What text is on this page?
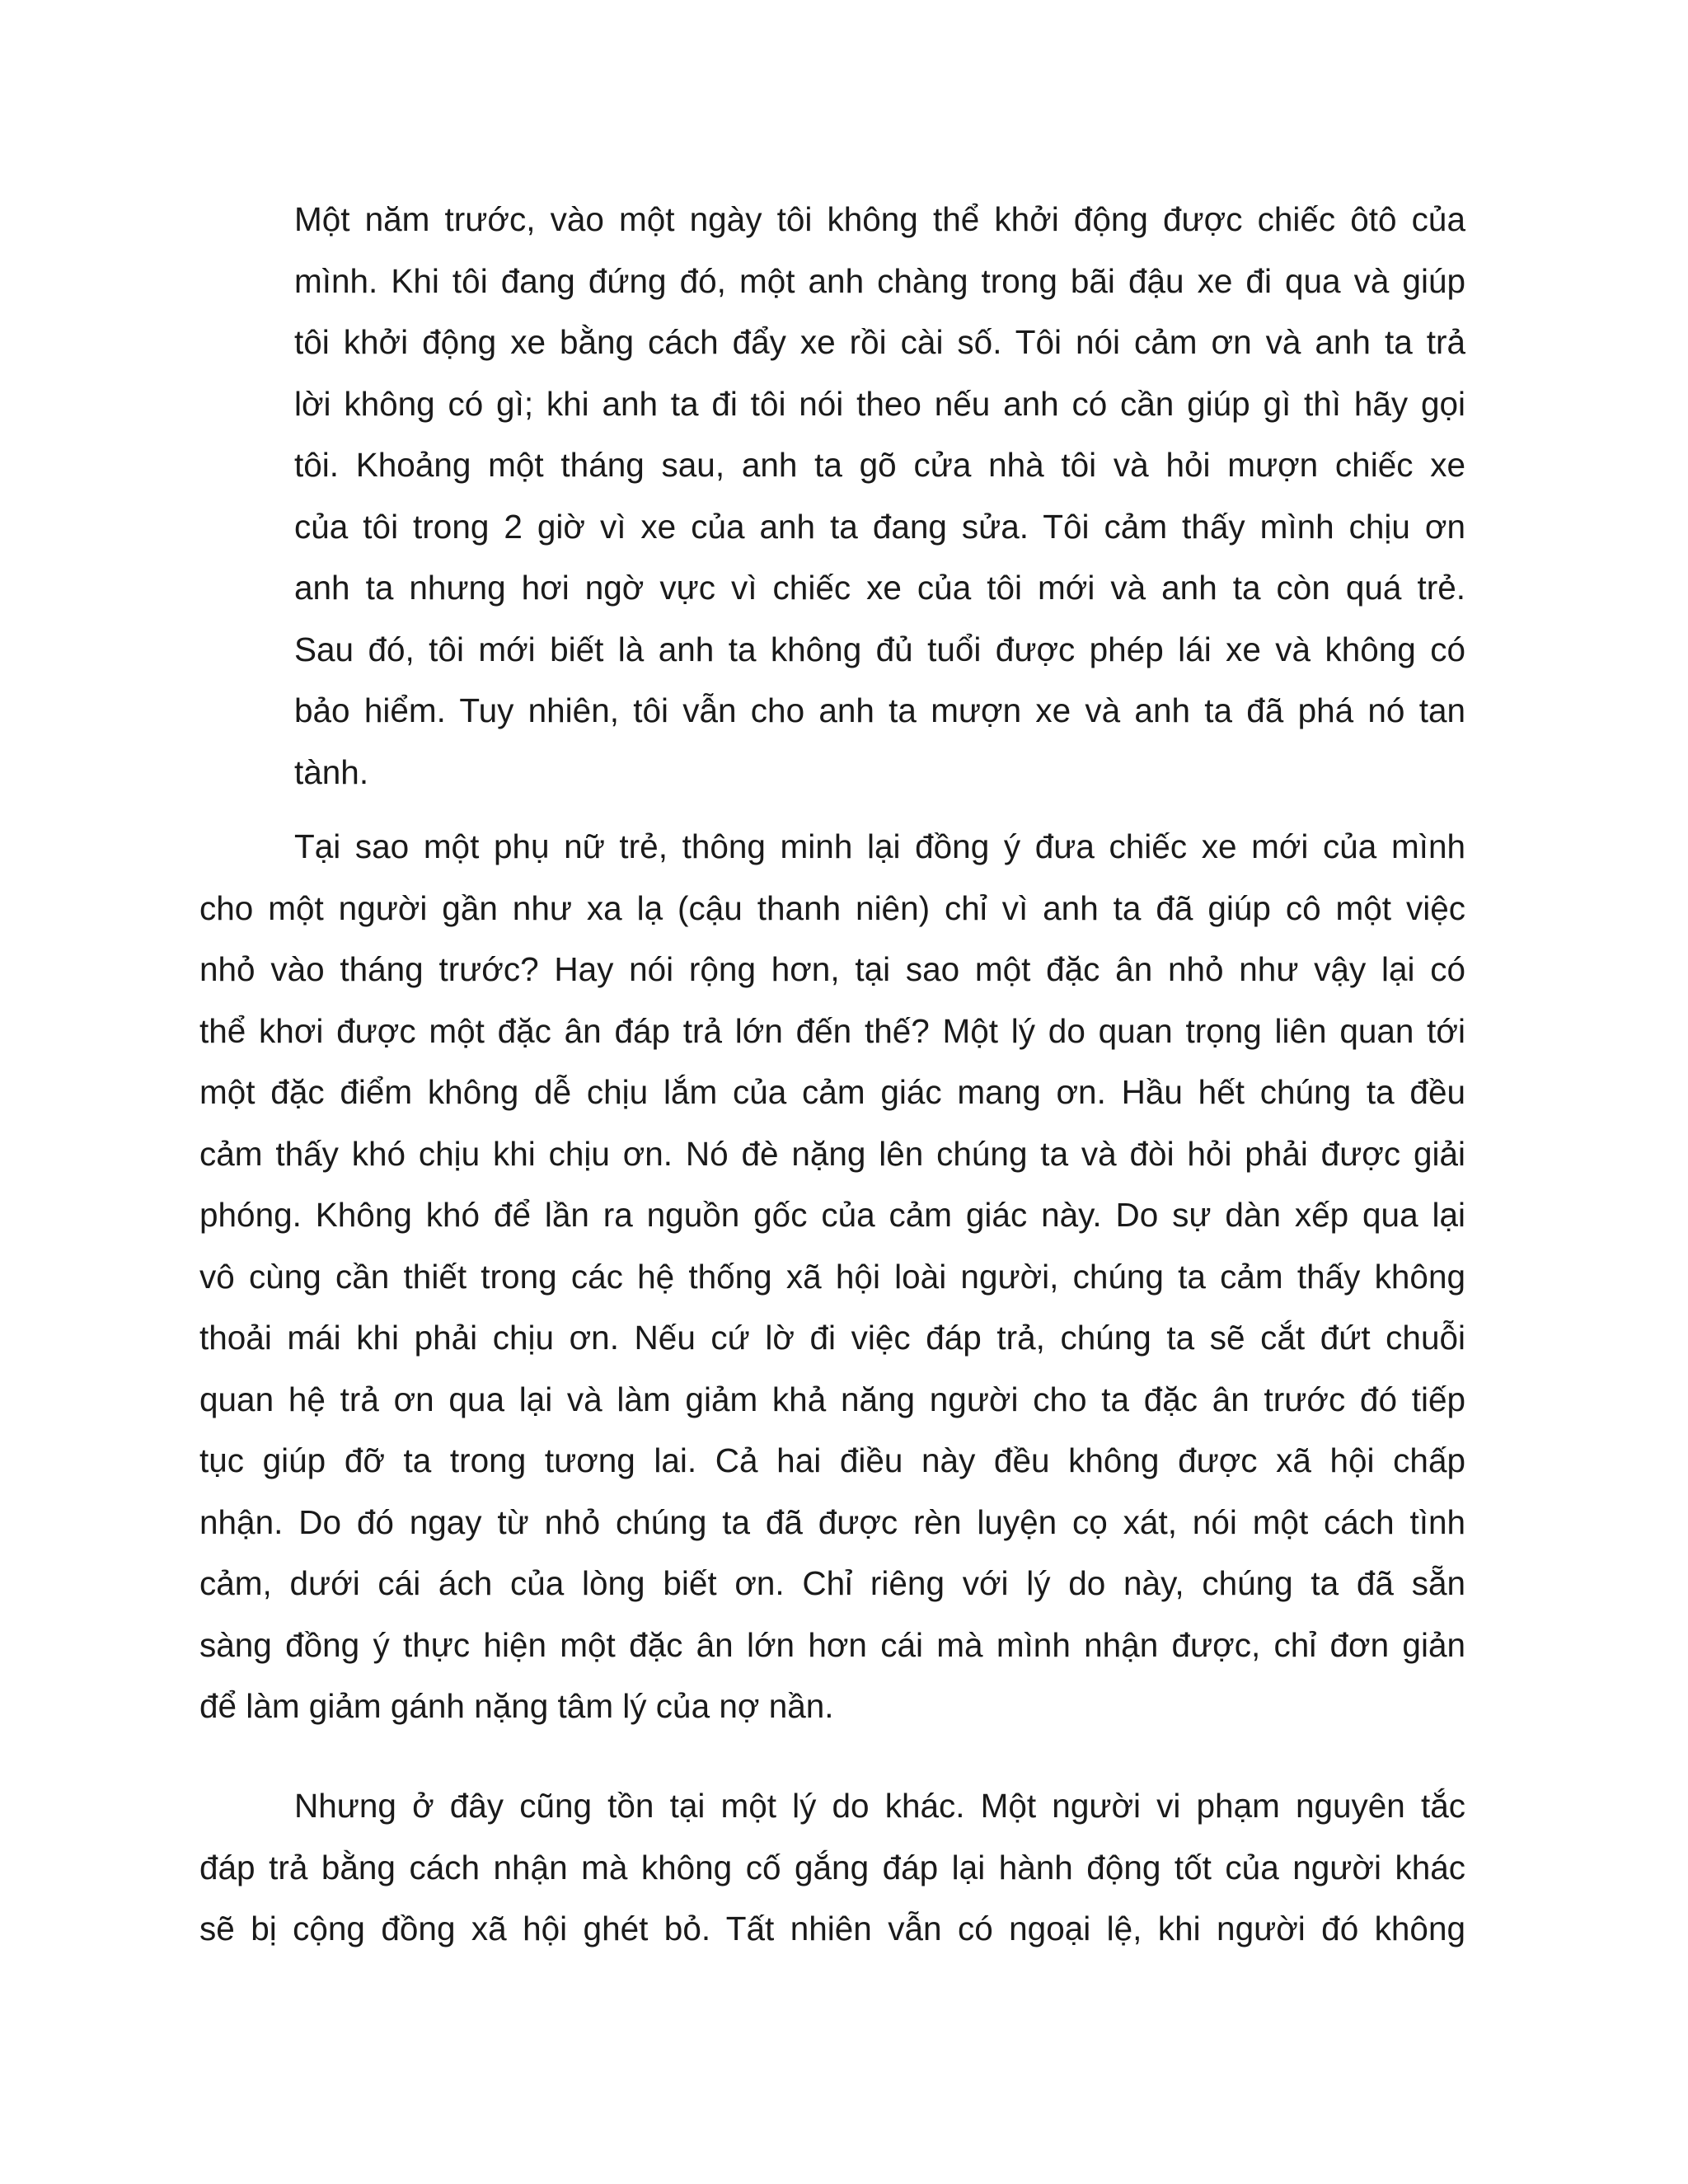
Một năm trước, vào một ngày tôi không thể khởi động được chiếc ôtô của
mình. Khi tôi đang đứng đó, một anh chàng trong bãi đậu xe đi qua và giúp
tôi khởi động xe bằng cách đẩy xe rồi cài số. Tôi nói cảm ơn và anh ta trả
lời không có gì; khi anh ta đi tôi nói theo nếu anh có cần giúp gì thì hãy gọi
tôi. Khoảng một tháng sau, anh ta gõ cửa nhà tôi và hỏi mượn chiếc xe
của tôi trong 2 giờ vì xe của anh ta đang sửa. Tôi cảm thấy mình chịu ơn
anh ta nhưng hơi ngờ vực vì chiếc xe của tôi mới và anh ta còn quá trẻ.
Sau đó, tôi mới biết là anh ta không đủ tuổi được phép lái xe và không có
bảo hiểm. Tuy nhiên, tôi vẫn cho anh ta mượn xe và anh ta đã phá nó tan
tành.
Tại sao một phụ nữ trẻ, thông minh lại đồng ý đưa chiếc xe mới của mình
cho một người gần như xa lạ (cậu thanh niên) chỉ vì anh ta đã giúp cô một việc
nhỏ vào tháng trước? Hay nói rộng hơn, tại sao một đặc ân nhỏ như vậy lại có
thể khơi được một đặc ân đáp trả lớn đến thế? Một lý do quan trọng liên quan tới
một đặc điểm không dễ chịu lắm của cảm giác mang ơn. Hầu hết chúng ta đều
cảm thấy khó chịu khi chịu ơn. Nó đè nặng lên chúng ta và đòi hỏi phải được giải
phóng. Không khó để lần ra nguồn gốc của cảm giác này. Do sự dàn xếp qua lại
vô cùng cần thiết trong các hệ thống xã hội loài người, chúng ta cảm thấy không
thoải mái khi phải chịu ơn. Nếu cứ lờ đi việc đáp trả, chúng ta sẽ cắt đứt chuỗi
quan hệ trả ơn qua lại và làm giảm khả năng người cho ta đặc ân trước đó tiếp
tục giúp đỡ ta trong tương lai. Cả hai điều này đều không được xã hội chấp
nhận. Do đó ngay từ nhỏ chúng ta đã được rèn luyện cọ xát, nói một cách tình
cảm, dưới cái ách của lòng biết ơn. Chỉ riêng với lý do này, chúng ta đã sẵn
sàng đồng ý thực hiện một đặc ân lớn hơn cái mà mình nhận được, chỉ đơn giản
để làm giảm gánh nặng tâm lý của nợ nần.
Nhưng ở đây cũng tồn tại một lý do khác. Một người vi phạm nguyên tắc
đáp trả bằng cách nhận mà không cố gắng đáp lại hành động tốt của người khác
sẽ bị cộng đồng xã hội ghét bỏ. Tất nhiên vẫn có ngoại lệ, khi người đó không
